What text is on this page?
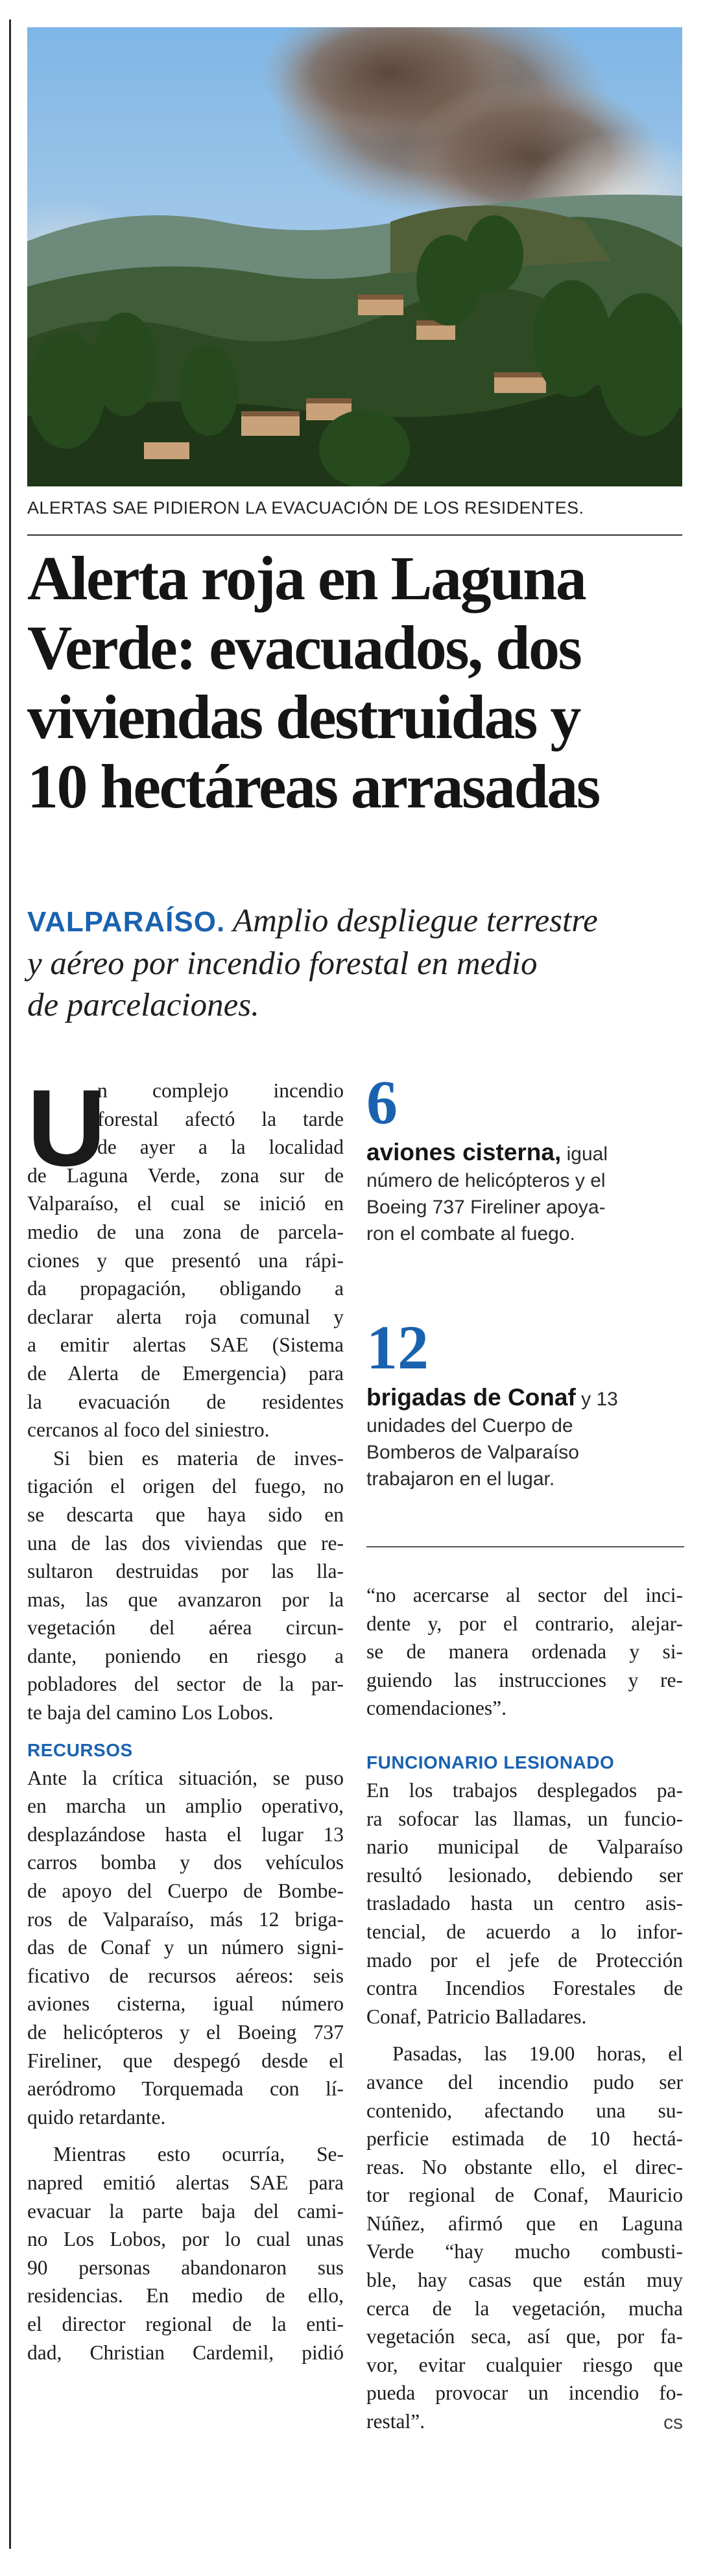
ALERTAS SAE PIDIERON LA EVACUACIÓN DE LOS RESIDENTES.
Alerta roja en Laguna
Verde: evacuados, dos
viviendas destruidas y
10 hectáreas arrasadas
VALPARAÍSO. Amplio despliegue terrestre
y aéreo por incendio forestal en medio
de parcelaciones.
U

n complejo incendio
forestal afectó la tarde
de ayer a la localidad
de Laguna Verde, zona sur de
Valparaíso, el cual se inició en
medio de una zona de parcela-
ciones y que presentó una rápi-
da propagación, obligando a
declarar alerta roja comunal y
a emitir alertas SAE (Sistema
de Alerta de Emergencia) para
la evacuación de residentes
cercanos al foco del siniestro.

Si bien es materia de inves-
tigación el origen del fuego, no
se descarta que haya sido en
una de las dos viviendas que re-
sultaron destruidas por las lla-
mas, las que avanzaron por la
vegetación del aérea circun-
dante, poniendo en riesgo a
pobladores del sector de la par-
te baja del camino Los Lobos.

RECURSOS

Ante la crítica situación, se puso
en marcha un amplio operativo,
desplazándose hasta el lugar 13
carros bomba y dos vehículos
de apoyo del Cuerpo de Bombe-
ros de Valparaíso, más 12 briga-
das de Conaf y un número signi-
ficativo de recursos aéreos: seis
aviones cisterna, igual número
de helicópteros y el Boeing 737
Fireliner, que despegó desde el
aeródromo Torquemada con lí-
quido retardante.

Mientras esto ocurría, Se-
napred emitió alertas SAE para
evacuar la parte baja del cami-
no Los Lobos, por lo cual unas
90 personas abandonaron sus
residencias. En medio de ello,
el director regional de la enti-
dad, Christian Cardemil, pidió

6
aviones cisterna, igual
número de helicópteros y el
Boeing 737 Fireliner apoya-
ron el combate al fuego.
12
brigadas de Conaf y 13
unidades del Cuerpo de
Bomberos de Valparaíso
trabajaron en el lugar.

“no acercarse al sector del inci-
dente y, por el contrario, alejar-
se de manera ordenada y si-
guiendo las instrucciones y re-
comendaciones”.

FUNCIONARIO LESIONADO

En los trabajos desplegados pa-
ra sofocar las llamas, un funcio-
nario municipal de Valparaíso
resultó lesionado, debiendo ser
trasladado hasta un centro asis-
tencial, de acuerdo a lo infor-
mado por el jefe de Protección
contra Incendios Forestales de
Conaf, Patricio Balladares.

Pasadas, las 19.00 horas, el
avance del incendio pudo ser
contenido, afectando una su-
perficie estimada de 10 hectá-
reas. No obstante ello, el direc-
tor regional de Conaf, Mauricio
Núñez, afirmó que en Laguna
Verde “hay mucho combusti-
ble, hay casas que están muy
cerca de la vegetación, mucha
vegetación seca, así que, por fa-
vor, evitar cualquier riesgo que
pueda provocar un incendio fo-
restal”.	cs
